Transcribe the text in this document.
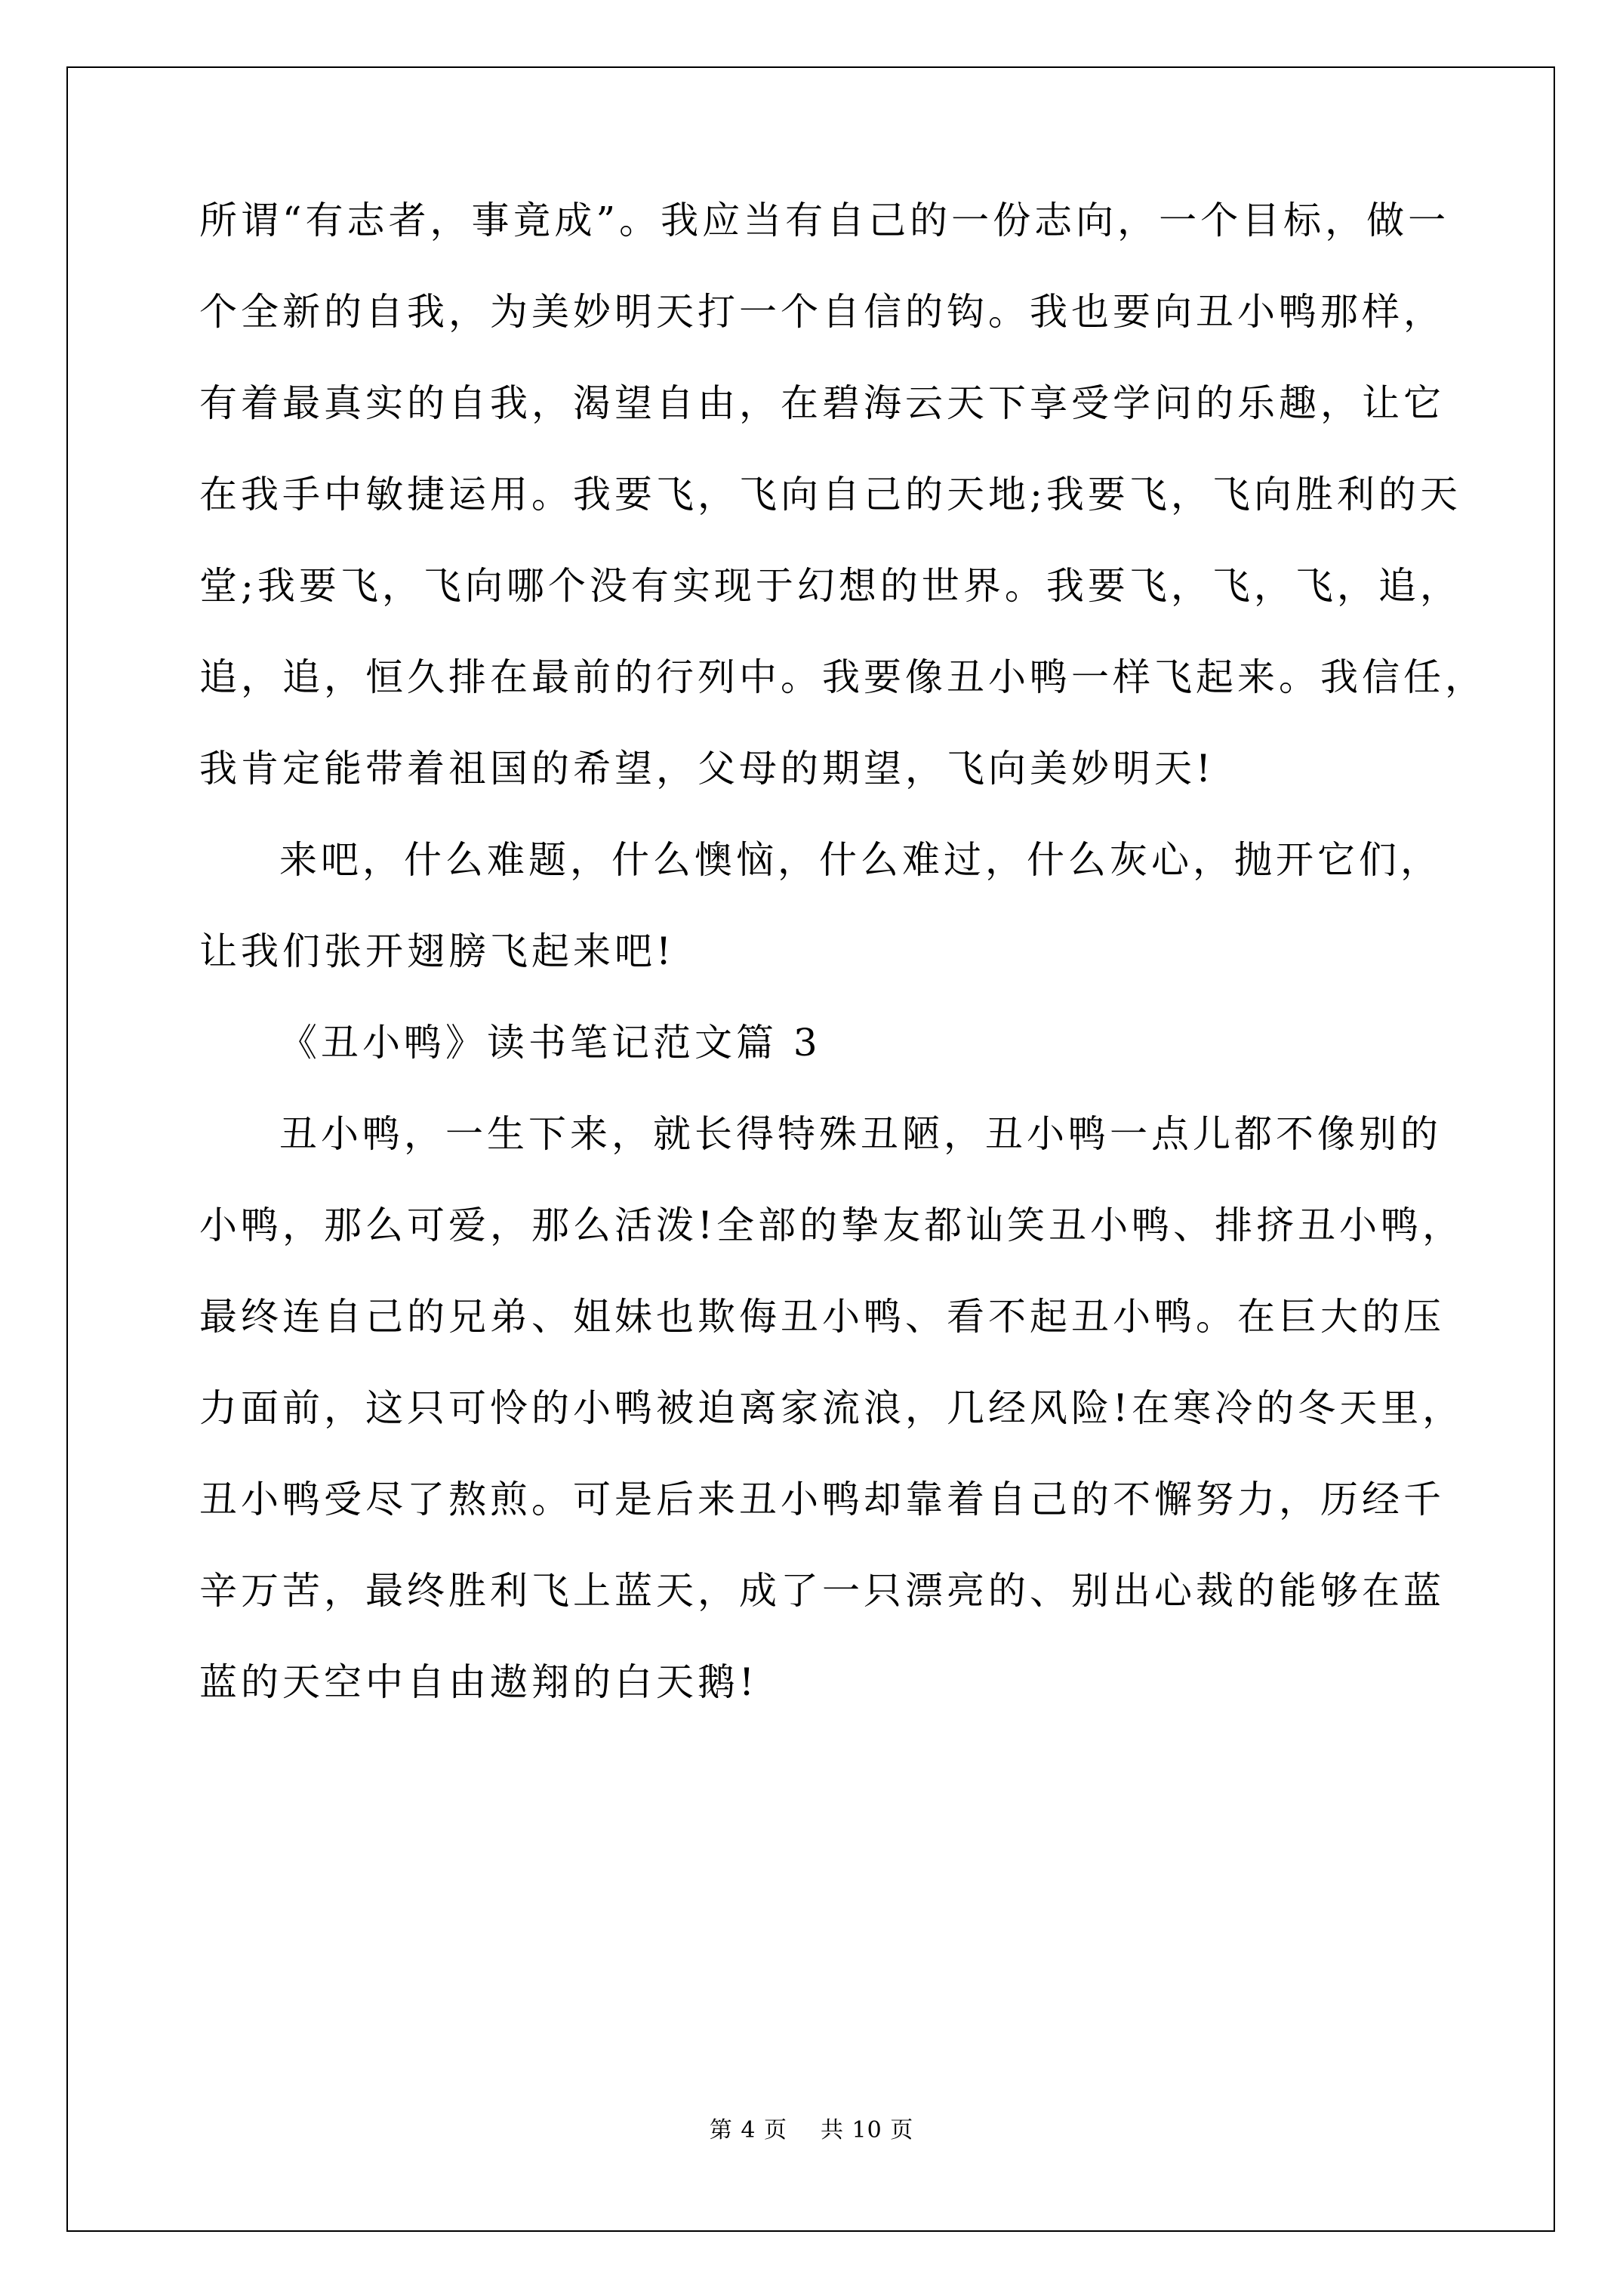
所谓“有志者，事竟成”。我应当有自己的一份志向，一个目标，做一
个全新的自我，为美妙明天打一个自信的钩。我也要向丑小鸭那样，
有着最真实的自我，渴望自由，在碧海云天下享受学问的乐趣，让它
在我手中敏捷运用。我要飞，飞向自己的天地;我要飞，飞向胜利的天
堂;我要飞，飞向哪个没有实现于幻想的世界。我要飞，飞，飞，追，
追，追，恒久排在最前的行列中。我要像丑小鸭一样飞起来。我信任，
我肯定能带着祖国的希望，父母的期望，飞向美妙明天!
来吧，什么难题，什么懊恼，什么难过，什么灰心，抛开它们，
让我们张开翅膀飞起来吧!
《丑小鸭》读书笔记范文篇 3
丑小鸭，一生下来，就长得特殊丑陋，丑小鸭一点儿都不像别的
小鸭，那么可爱，那么活泼!全部的挚友都讪笑丑小鸭、排挤丑小鸭，
最终连自己的兄弟、姐妹也欺侮丑小鸭、看不起丑小鸭。在巨大的压
力面前，这只可怜的小鸭被迫离家流浪，几经风险!在寒冷的冬天里，
丑小鸭受尽了熬煎。可是后来丑小鸭却靠着自己的不懈努力，历经千
辛万苦，最终胜利飞上蓝天，成了一只漂亮的、别出心裁的能够在蓝
蓝的天空中自由遨翔的白天鹅!
第 4 页 共 10 页
